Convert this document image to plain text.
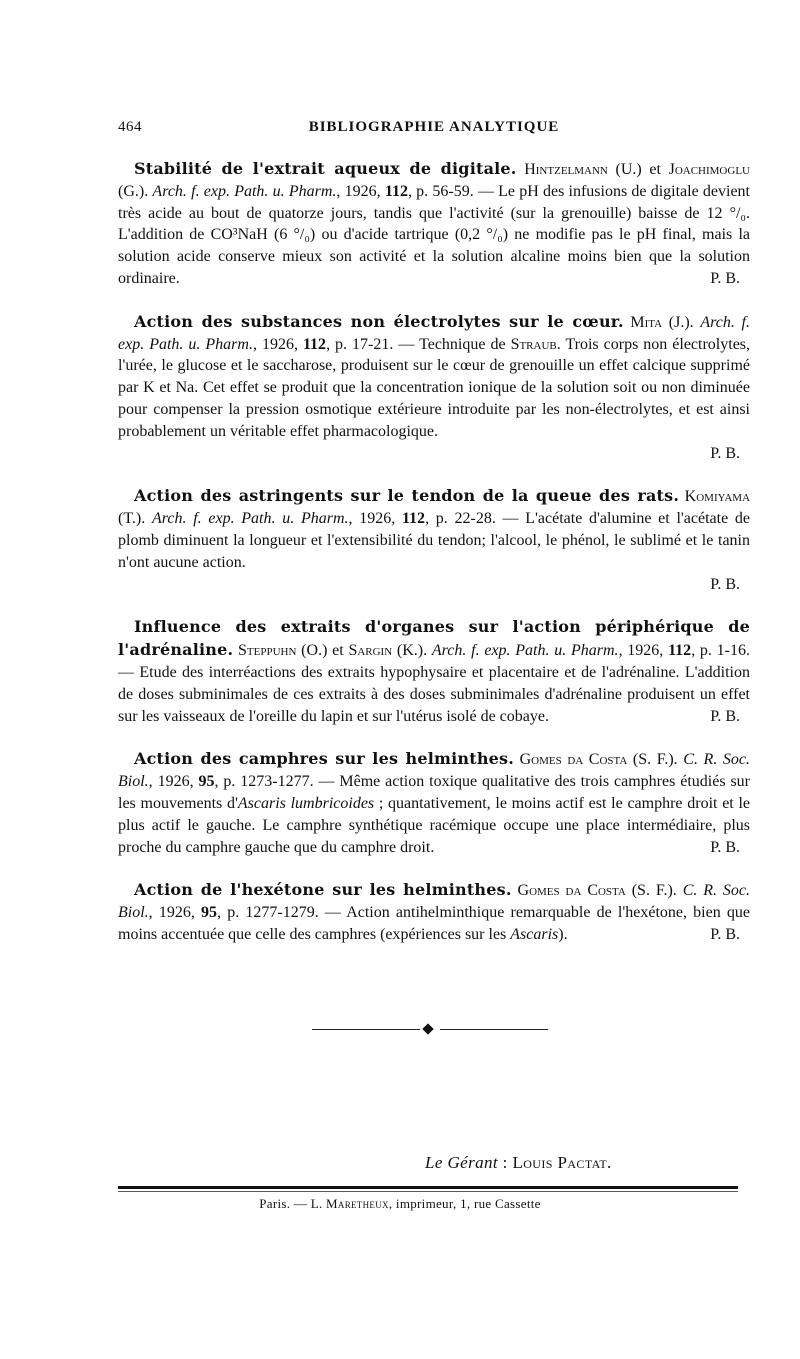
464	BIBLIOGRAPHIE ANALYTIQUE

Stabilité de l'extrait aqueux de digitale. Hintzelmann (U.) et Joachimoglu (G.). Arch. f. exp. Path. u. Pharm., 1926, 112, p. 56-59. — Le pH des infusions de digitale devient très acide au bout de quatorze jours, tandis que l'activité (sur la grenouille) baisse de 12 °/₀. L'addition de CO³NaH (6 °/₀) ou d'acide tartrique (0,2 °/₀) ne modifie pas le pH final, mais la solution acide conserve mieux son activité et la solution alcaline moins bien que la solution ordinaire.	P. B.

Action des substances non électrolytes sur le cœur. Mita (J.). Arch. f. exp. Path. u. Pharm., 1926, 112, p. 17-21. — Technique de Straub. Trois corps non électrolytes, l'urée, le glucose et le saccharose, produisent sur le cœur de grenouille un effet calcique supprimé par K et Na. Cet effet se produit que la concentration ionique de la solution soit ou non diminuée pour compenser la pression osmotique extérieure introduite par les non-électrolytes, et est ainsi probablement un véritable effet pharmacologique.
P. B.

Action des astringents sur le tendon de la queue des rats. Komiyama (T.). Arch. f. exp. Path. u. Pharm., 1926, 112, p. 22-28. — L'acétate d'alumine et l'acétate de plomb diminuent la longueur et l'extensibilité du tendon; l'alcool, le phénol, le sublimé et le tanin n'ont aucune action.
P. B.

Influence des extraits d'organes sur l'action périphérique de l'adrénaline. Steppuhn (O.) et Sargin (K.). Arch. f. exp. Path. u. Pharm., 1926, 112, p. 1-16. — Etude des interréactions des extraits hypophysaire et placentaire et de l'adrénaline. L'addition de doses subminimales de ces extraits à des doses subminimales d'adrénaline produisent un effet sur les vaisseaux de l'oreille du lapin et sur l'utérus isolé de cobaye.	P. B.

Action des camphres sur les helminthes. Gomes da Costa (S. F.). C. R. Soc. Biol., 1926, 95, p. 1273-1277. — Même action toxique qualitative des trois camphres étudiés sur les mouvements d'Ascaris lumbricoides ; quantativement, le moins actif est le camphre droit et le plus actif le gauche. Le camphre synthétique racémique occupe une place intermédiaire, plus proche du camphre gauche que du camphre droit.	P. B.

Action de l'hexétone sur les helminthes. Gomes da Costa (S. F.). C. R. Soc. Biol., 1926, 95, p. 1277-1279. — Action antihelminthique remarquable de l'hexétone, bien que moins accentuée que celle des camphres (expériences sur les Ascaris).	P. B.

Le Gérant : Louis Pactat.
Paris. — L. Maretheux, imprimeur, 1, rue Cassette
